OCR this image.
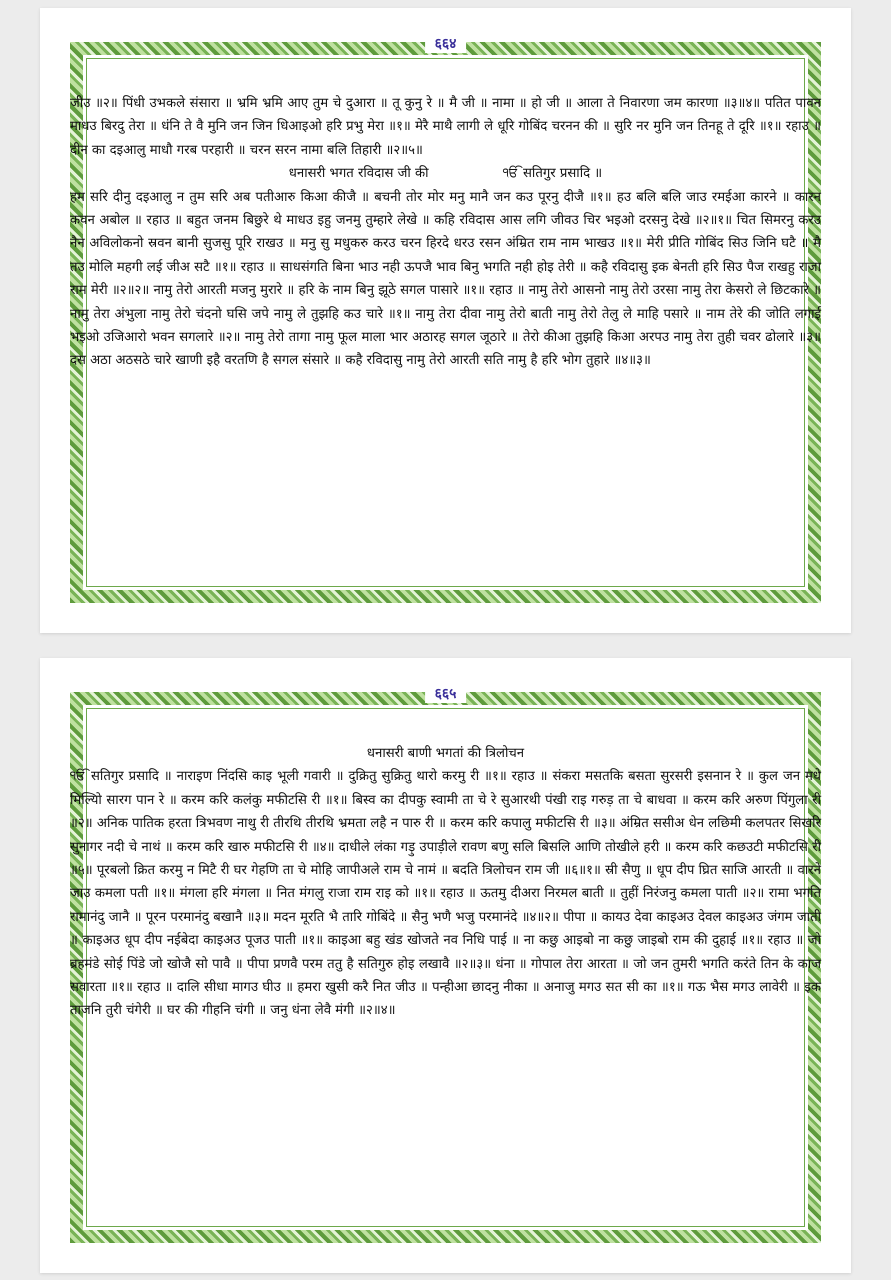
६६४
जीउ ॥२॥ पिंधी उभकले संसारा ॥ भ्रमि भ्रमि आए तुम चे दुआरा ॥ तू कुनु रे ॥ मै जी ॥ नामा ॥ हो जी ॥ आला ते निवारणा जम कारणा ॥३॥४॥ पतित पावन माधउ बिरदु तेरा ॥ धंनि ते वै मुनि जन जिन धिआइओ हरि प्रभु मेरा ॥१॥ मेरै माथै लागी ले धूरि गोबिंद चरनन की ॥ सुरि नर मुनि जन तिनहू ते दूरि ॥१॥ रहाउ ॥ दीन का दइआलु माधौ गरब परहारी ॥ चरन सरन नामा बलि तिहारी ॥२॥५॥
धनासरी भगत रविदास जी की	ੴ सतिगुर प्रसादि ॥
हम सरि दीनु दइआलु न तुम सरि अब पतीआरु किआ कीजै ॥ बचनी तोर मोर मनु मानै जन कउ पूरनु दीजै ॥१॥ हउ बलि बलि जाउ रमईआ कारने ॥ कारन कवन अबोल ॥ रहाउ ॥ बहुत जनम बिछुरे थे माधउ इहु जनमु तुम्हारे लेखे ॥ कहि रविदास आस लगि जीवउ चिर भइओ दरसनु देखे ॥२॥१॥ चित सिमरनु करउ नैन अविलोकनो स्रवन बानी सुजसु पूरि राखउ ॥ मनु सु मधुकरु करउ चरन हिरदे धरउ रसन अंम्रित राम नाम भाखउ ॥१॥ मेरी प्रीति गोबिंद सिउ जिनि घटै ॥ मै तउ मोलि महगी लई जीअ सटै ॥१॥ रहाउ ॥ साधसंगति बिना भाउ नही ऊपजै भाव बिनु भगति नही होइ तेरी ॥ कहै रविदासु इक बेनती हरि सिउ पैज राखहु राजा राम मेरी ॥२॥२॥ नामु तेरो आरती मजनु मुरारे ॥ हरि के नाम बिनु झूठे सगल पासारे ॥१॥ रहाउ ॥ नामु तेरो आसनो नामु तेरो उरसा नामु तेरा केसरो ले छिटकारे ॥ नामु तेरा अंभुला नामु तेरो चंदनो घसि जपे नामु ले तुझहि कउ चारे ॥१॥ नामु तेरा दीवा नामु तेरो बाती नामु तेरो तेलु ले माहि पसारे ॥ नाम तेरे की जोति लगाई भइओ उजिआरो भवन सगलारे ॥२॥ नामु तेरो तागा नामु फूल माला भार अठारह सगल जूठारे ॥ तेरो कीआ तुझहि किआ अरपउ नामु तेरा तुही चवर ढोलारे ॥३॥ दस अठा अठसठे चारे खाणी इहै वरतणि है सगल संसारे ॥ कहै रविदासु नामु तेरो आरती सति नामु है हरि भोग तुहारे ॥४॥३॥
६६५
धनासरी बाणी भगतां की त्रिलोचन
ੴ सतिगुर प्रसादि ॥ नाराइण निंदसि काइ भूली गवारी ॥ दुक्रितु सुक्रितु थारो करमु री ॥१॥ रहाउ ॥ संकरा मसतकि बसता सुरसरी इसनान रे ॥ कुल जन मधे मिल्यिो सारग पान रे ॥ करम करि कलंकु मफीटसि री ॥१॥ बिस्व का दीपकु स्वामी ता चे रे सुआरथी पंखी राइ गरुड़ ता चे बाधवा ॥ करम करि अरुण पिंगुला री ॥२॥ अनिक पातिक हरता त्रिभवण नाथु री तीरथि तीरथि भ्रमता लहै न पारु री ॥ करम करि कपालु मफीटसि री ॥३॥ अंम्रित ससीअ धेन लछिमी कलपतर सिखरि सुनागर नदी चे नाथं ॥ करम करि खारु मफीटसि री ॥४॥ दाधीले लंका गड़ु उपाड़ीले रावण बणु सलि बिसलि आणि तोखीले हरी ॥ करम करि कछउटी मफीटसि री ॥५॥ पूरबलो क्रित करमु न मिटै री घर गेहणि ता चे मोहि जापीअले राम चे नामं ॥ बदति त्रिलोचन राम जी ॥६॥१॥ स्री सैणु ॥ धूप दीप घ्रित साजि आरती ॥ वारने जाउ कमला पती ॥१॥ मंगला हरि मंगला ॥ नित मंगलु राजा राम राइ को ॥१॥ रहाउ ॥ ऊतमु दीअरा निरमल बाती ॥ तुहीं निरंजनु कमला पाती ॥२॥ रामा भगति रामानंदु जानै ॥ पूरन परमानंदु बखानै ॥३॥ मदन मूरति भै तारि गोबिंदे ॥ सैनु भणै भजु परमानंदे ॥४॥२॥ पीपा ॥ कायउ देवा काइअउ देवल काइअउ जंगम जाती ॥ काइअउ धूप दीप नईबेदा काइअउ पूजउ पाती ॥१॥ काइआ बहु खंड खोजते नव निधि पाई ॥ ना कछु आइबो ना कछु जाइबो राम की दुहाई ॥१॥ रहाउ ॥ जो ब्रहमंडे सोई पिंडे जो खोजै सो पावै ॥ पीपा प्रणवै परम ततु है सतिगुरु होइ लखावै ॥२॥३॥ धंना ॥ गोपाल तेरा आरता ॥ जो जन तुमरी भगति करंते तिन के काज सवारता ॥१॥ रहाउ ॥ दालि सीधा मागउ घीउ ॥ हमरा खुसी करै नित जीउ ॥ पन्हीआ छादनु नीका ॥ अनाजु मगउ सत सी का ॥१॥ गऊ भैस मगउ लावेरी ॥ इक ताजनि तुरी चंगेरी ॥ घर की गीहनि चंगी ॥ जनु धंना लेवै मंगी ॥२॥४॥
